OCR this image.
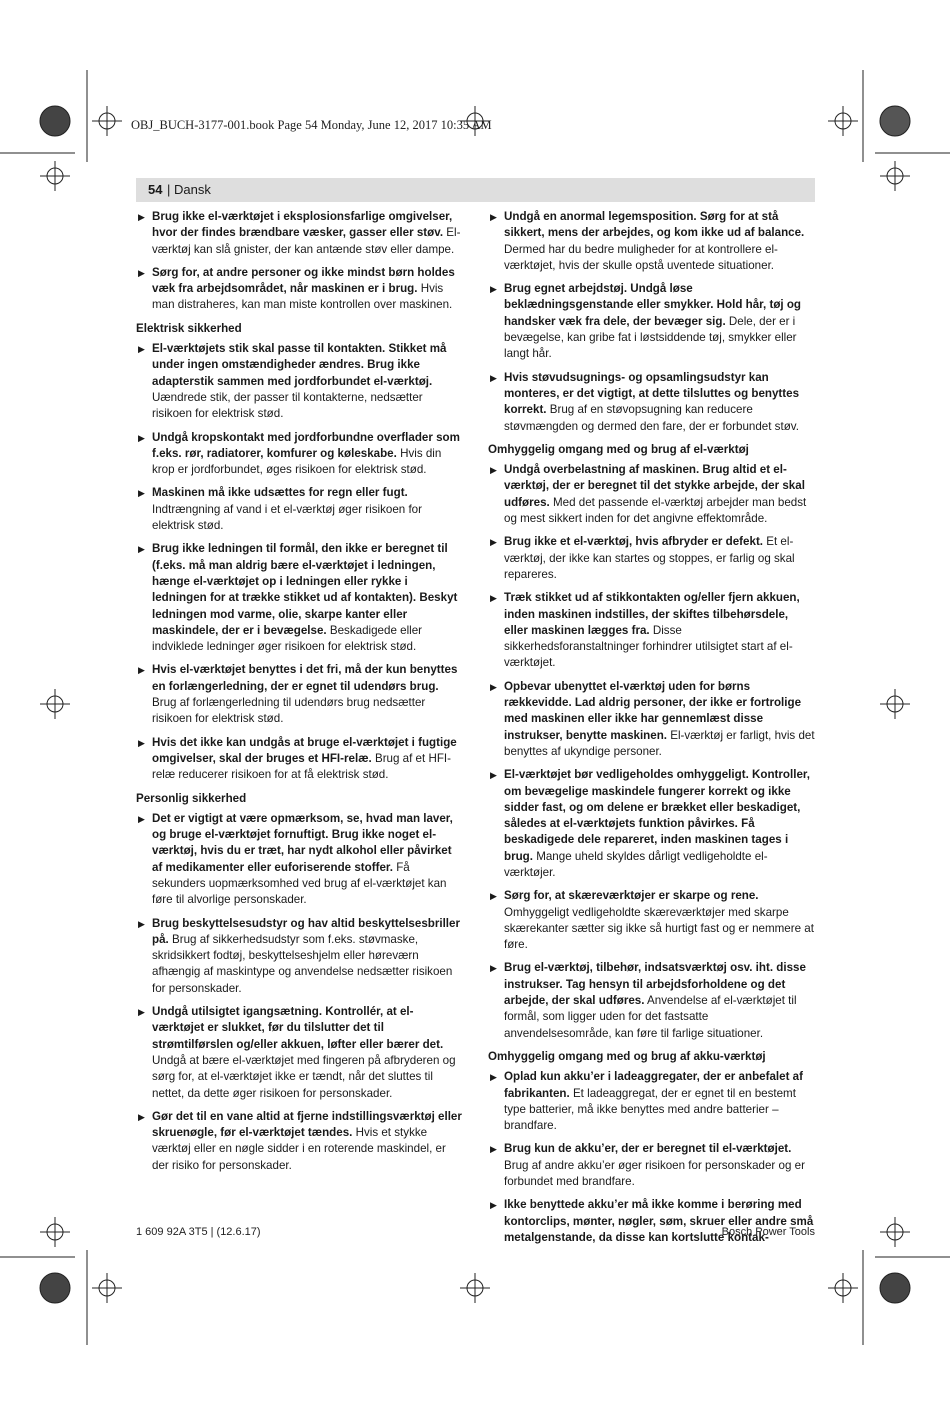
OBJ_BUCH-3177-001.book Page 54 Monday, June 12, 2017 10:35 AM
54 | Dansk
▶ Brug ikke el-værktøjet i eksplosionsfarlige omgivelser, hvor der findes brændbare væsker, gasser eller støv. El-værktøj kan slå gnister, der kan antænde støv eller dampe.
▶ Sørg for, at andre personer og ikke mindst børn holdes væk fra arbejdsområdet, når maskinen er i brug. Hvis man distraheres, kan man miste kontrollen over maskinen.
Elektrisk sikkerhed
▶ El-værktøjets stik skal passe til kontakten. Stikket må under ingen omstændigheder ændres. Brug ikke adapterstik sammen med jordforbundet el-værktøj. Uændrede stik, der passer til kontakterne, nedsætter risikoen for elektrisk stød.
▶ Undgå kropskontakt med jordforbundne overflader som f.eks. rør, radiatorer, komfurer og køleskabe. Hvis din krop er jordforbundet, øges risikoen for elektrisk stød.
▶ Maskinen må ikke udsættes for regn eller fugt. Indtrængning af vand i et el-værktøj øger risikoen for elektrisk stød.
▶ Brug ikke ledningen til formål, den ikke er beregnet til (f.eks. må man aldrig bære el-værktøjet i ledningen, hænge el-værktøjet op i ledningen eller rykke i ledningen for at trække stikket ud af kontakten). Beskyt ledningen mod varme, olie, skarpe kanter eller maskindele, der er i bevægelse. Beskadigede eller indviklede ledninger øger risikoen for elektrisk stød.
▶ Hvis el-værktøjet benyttes i det fri, må der kun benyttes en forlængerledning, der er egnet til udendørs brug. Brug af forlængerledning til udendørs brug nedsætter risikoen for elektrisk stød.
▶ Hvis det ikke kan undgås at bruge el-værktøjet i fugtige omgivelser, skal der bruges et HFI-relæ. Brug af et HFI-relæ reducerer risikoen for at få elektrisk stød.
Personlig sikkerhed
▶ Det er vigtigt at være opmærksom, se, hvad man laver, og bruge el-værktøjet fornuftigt. Brug ikke noget el-værktøj, hvis du er træt, har nydt alkohol eller påvirket af medikamenter eller euforiserende stoffer. Få sekunders uopmærksomhed ved brug af el-værktøjet kan føre til alvorlige personskader.
▶ Brug beskyttelsesudstyr og hav altid beskyttelsesbriller på. Brug af sikkerhedsudstyr som f.eks. støvmaske, skridsikkert fodtøj, beskyttelseshjelm eller høreværn afhængig af maskintype og anvendelse nedsætter risikoen for personskader.
▶ Undgå utilsigtet igangsætning. Kontrollér, at el-værktøjet er slukket, før du tilslutter det til strømtilførslen og/eller akkuen, løfter eller bærer det. Undgå at bære el-værktøjet med fingeren på afbryderen og sørg for, at el-værktøjet ikke er tændt, når det sluttes til nettet, da dette øger risikoen for personskader.
▶ Gør det til en vane altid at fjerne indstillingsværktøj eller skruenøgle, før el-værktøjet tændes. Hvis et stykke værktøj eller en nøgle sidder i en roterende maskindel, er der risiko for personskader.
▶ Undgå en anormal legemsposition. Sørg for at stå sikkert, mens der arbejdes, og kom ikke ud af balance. Dermed har du bedre muligheder for at kontrollere el-værktøjet, hvis der skulle opstå uventede situationer.
▶ Brug egnet arbejdstøj. Undgå løse beklædningsgenstande eller smykker. Hold hår, tøj og handsker væk fra dele, der bevæger sig. Dele, der er i bevægelse, kan gribe fat i løstsiddende tøj, smykker eller langt hår.
▶ Hvis støvudsugnings- og opsamlingsudstyr kan monteres, er det vigtigt, at dette tilsluttes og benyttes korrekt. Brug af en støvopsugning kan reducere støvmængden og dermed den fare, der er forbundet støv.
Omhyggelig omgang med og brug af el-værktøj
▶ Undgå overbelastning af maskinen. Brug altid et el-værktøj, der er beregnet til det stykke arbejde, der skal udføres. Med det passende el-værktøj arbejder man bedst og mest sikkert inden for det angivne effektområde.
▶ Brug ikke et el-værktøj, hvis afbryder er defekt. Et el-værktøj, der ikke kan startes og stoppes, er farlig og skal repareres.
▶ Træk stikket ud af stikkontakten og/eller fjern akkuen, inden maskinen indstilles, der skiftes tilbehørsdele, eller maskinen lægges fra. Disse sikkerhedsforanstaltninger forhindrer utilsigtet start af el-værktøjet.
▶ Opbevar ubenyttet el-værktøj uden for børns rækkevidde. Lad aldrig personer, der ikke er fortrolige med maskinen eller ikke har gennemlæst disse instrukser, benytte maskinen. El-værktøj er farligt, hvis det benyttes af ukyndige personer.
▶ El-værktøjet bør vedligeholdes omhyggeligt. Kontroller, om bevægelige maskindele fungerer korrekt og ikke sidder fast, og om delene er brækket eller beskadiget, således at el-værktøjets funktion påvirkes. Få beskadigede dele repareret, inden maskinen tages i brug. Mange uheld skyldes dårligt vedligeholdte el-værktøjer.
▶ Sørg for, at skæreværktøjer er skarpe og rene. Omhyggeligt vedligeholdte skæreværktøjer med skarpe skærekanter sætter sig ikke så hurtigt fast og er nemmere at føre.
▶ Brug el-værktøj, tilbehør, indsatsværktøj osv. iht. disse instrukser. Tag hensyn til arbejdsforholdene og det arbejde, der skal udføres. Anvendelse af el-værktøjet til formål, som ligger uden for det fastsatte anvendelsesområde, kan føre til farlige situationer.
Omhyggelig omgang med og brug af akku-værktøj
▶ Oplad kun akku’er i ladeaggregater, der er anbefalet af fabrikanten. Et ladeaggregat, der er egnet til en bestemt type batterier, må ikke benyttes med andre batterier – brandfare.
▶ Brug kun de akku’er, der er beregnet til el-værktøjet. Brug af andre akku’er øger risikoen for personskader og er forbundet med brandfare.
▶ Ikke benyttede akku’er må ikke komme i berøring med kontorclips, mønter, nøgler, søm, skruer eller andre små metalgenstande, da disse kan kortslutte kontak-
1 609 92A 3T5 | (12.6.17)	Bosch Power Tools
